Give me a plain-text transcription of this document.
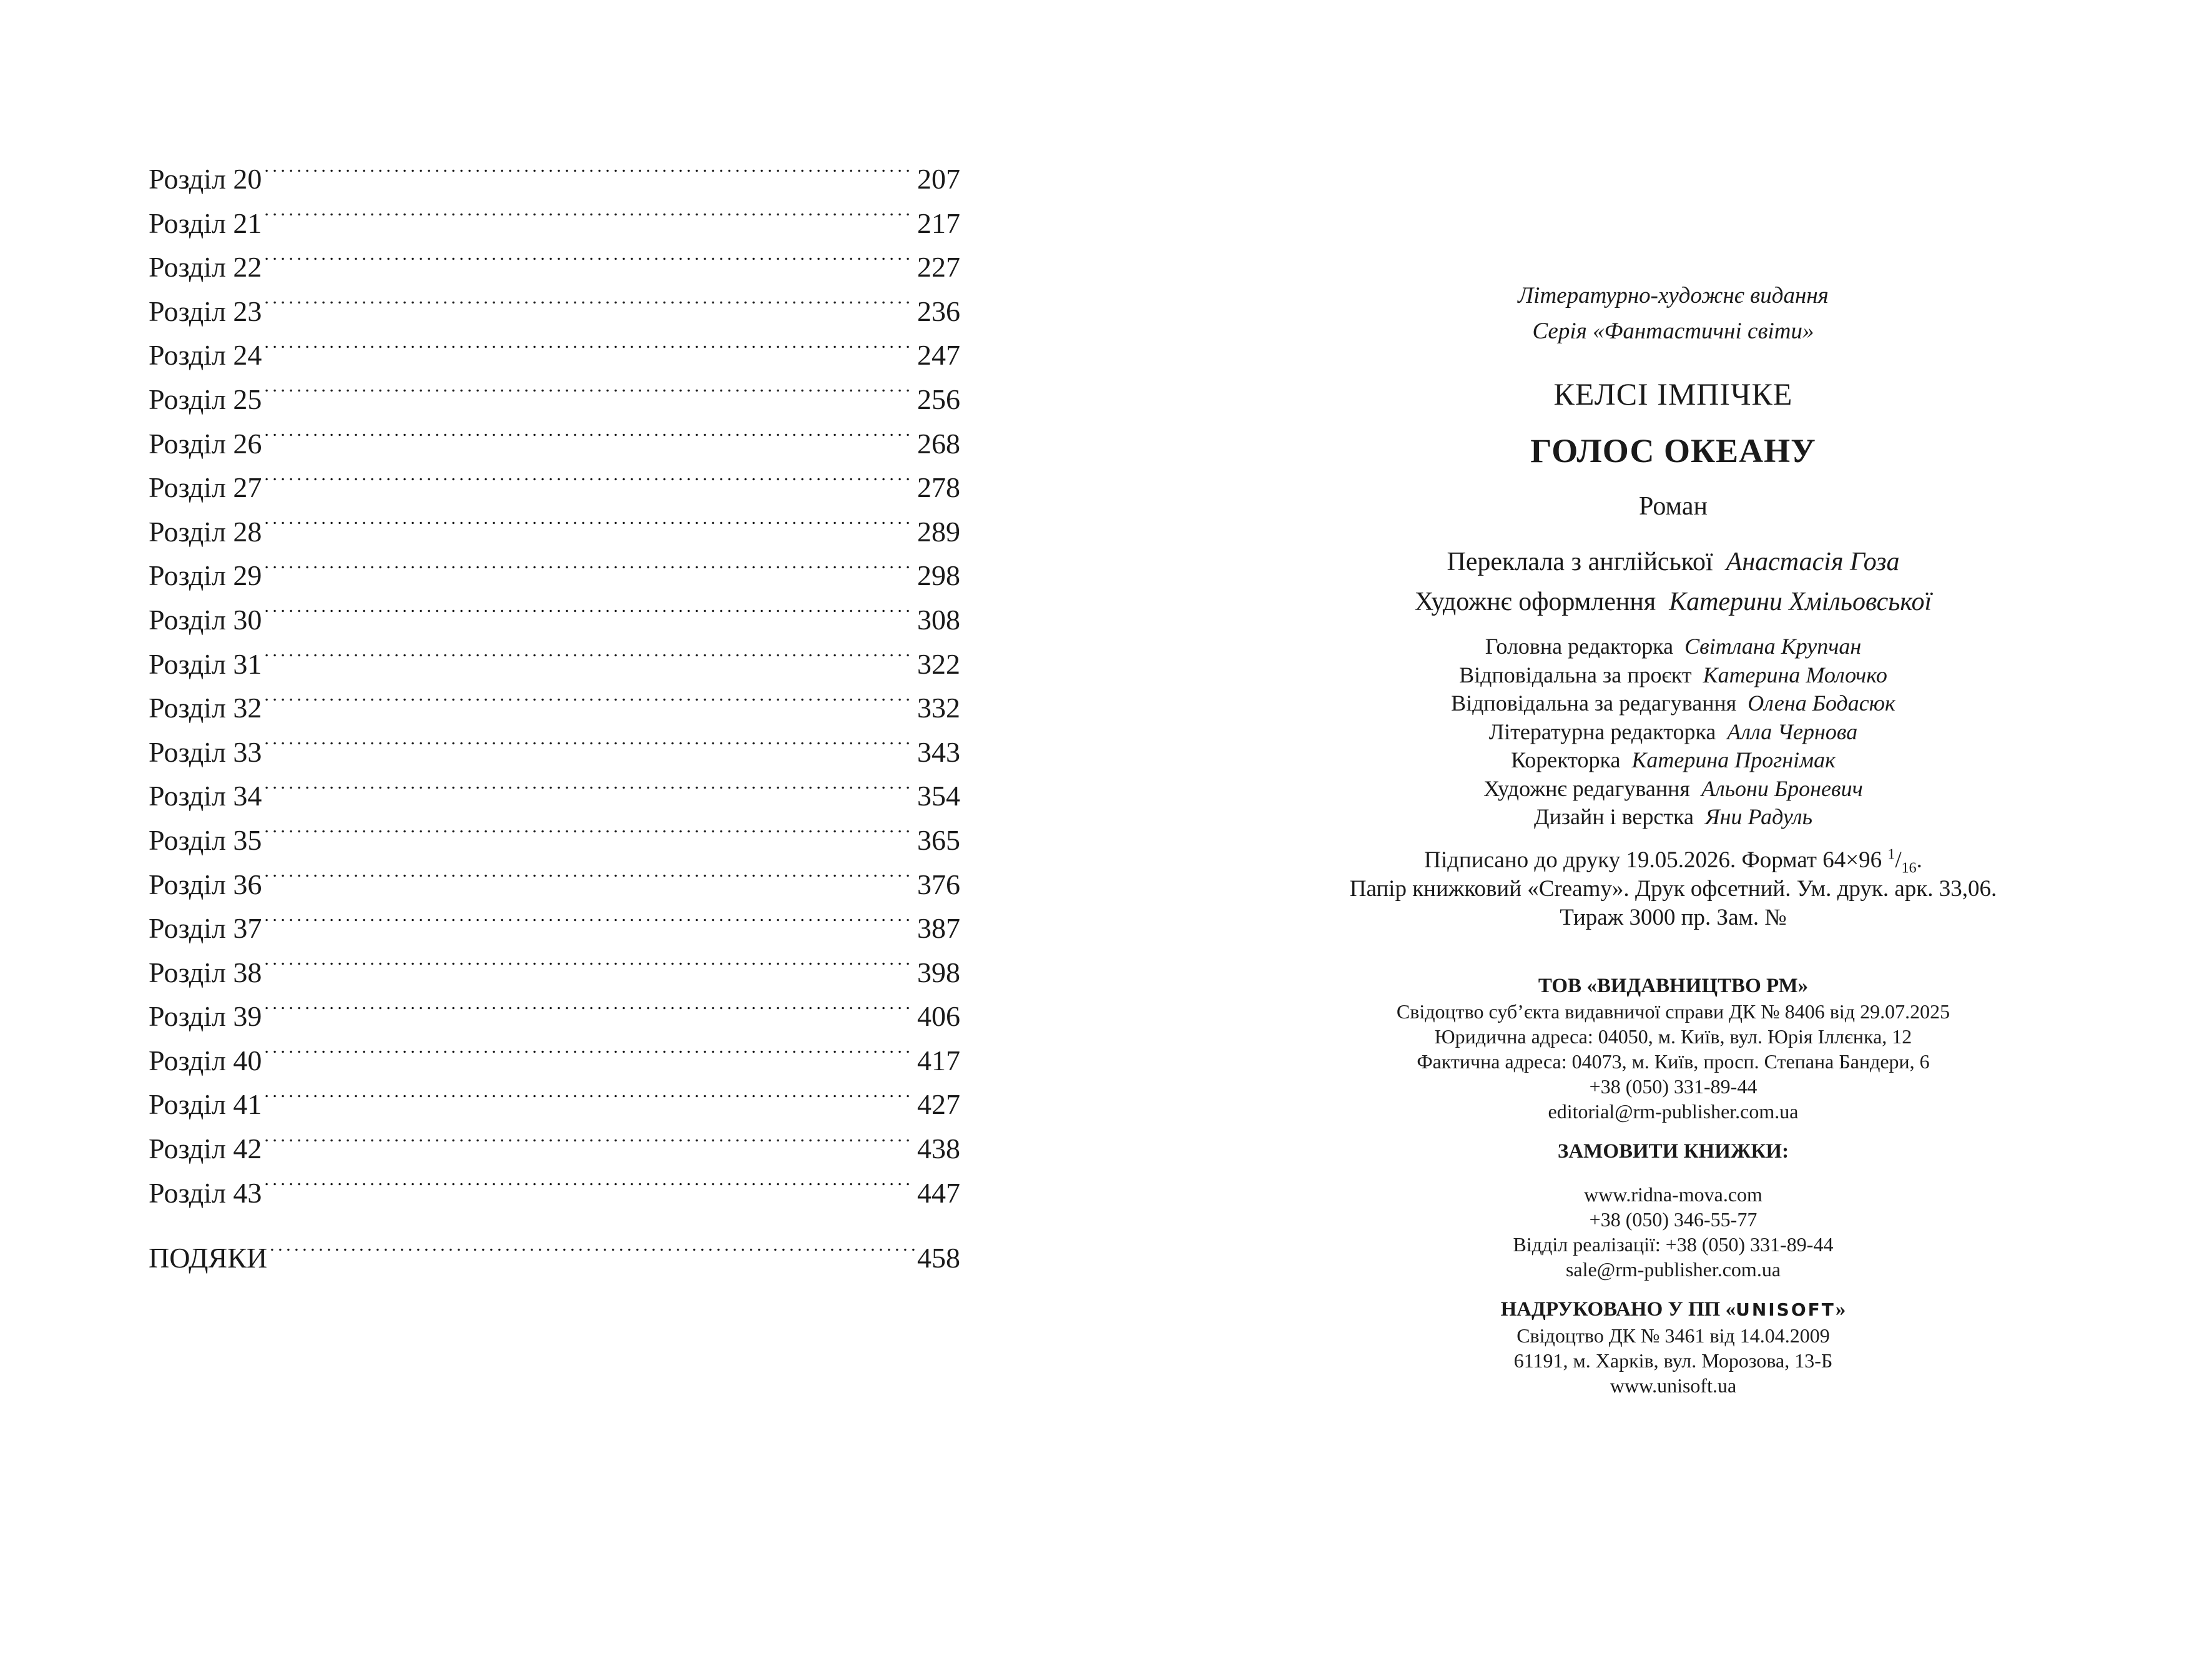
Розділ 20 . . .	207
Розділ 21 . . .	217
Розділ 22 . . .	227
Розділ 23 . . .	236
Розділ 24 . . .	247
Розділ 25 . . .	256
Розділ 26 . . .	268
Розділ 27 . . .	278
Розділ 28 . . .	289
Розділ 29 . . .	298
Розділ 30 . . .	308
Розділ 31 . . .	322
Розділ 32 . . .	332
Розділ 33 . . .	343
Розділ 34 . . .	354
Розділ 35 . . .	365
Розділ 36 . . .	376
Розділ 37 . . .	387
Розділ 38 . . .	398
Розділ 39 . . .	406
Розділ 40 . . .	417
Розділ 41 . . .	427
Розділ 42 . . .	438
Розділ 43 . . .	447
ПОДЯКИ . . .	458
Літературно-художнє видання
Серія «Фантастичні світи»
КЕЛСІ ІМПІЧКЕ
ГОЛОС ОКЕАНУ
Роман
Переклала з англійської Анастасія Гоза
Художнє оформлення Катерини Хмільовської
Головна редакторка Світлана Крупчан
Відповідальна за проєкт Катерина Молочко
Відповідальна за редагування Олена Бодасюк
Літературна редакторка Алла Чернова
Коректорка Катерина Прогнімак
Художнє редагування Альони Броневич
Дизайн і верстка Яни Радуль
Підписано до друку 19.05.2026. Формат 64×96 $^1/_{16}$.
Папір книжковий «Creamy». Друк офсетний. Ум. друк. арк. 33,06.
Тираж 3000 пр. Зам. №
ТОВ «ВИДАВНИЦТВО РМ»
Свідоцтво суб’єкта видавничої справи ДК № 8406 від 29.07.2025
Юридична адреса: 04050, м. Київ, вул. Юрія Іллєнка, 12
Фактична адреса: 04073, м. Київ, просп. Степана Бандери, 6
+38 (050) 331-89-44
editorial@rm-publisher.com.ua
ЗАМОВИТИ КНИЖКИ:
www.ridna-mova.com
+38 (050) 346-55-77
Відділ реалізації: +38 (050) 331-89-44
sale@rm-publisher.com.ua
НАДРУКОВАНО У ПП «UNISOFT»
Свідоцтво ДК № 3461 від 14.04.2009
61191, м. Харків, вул. Морозова, 13-Б
www.unisoft.ua
